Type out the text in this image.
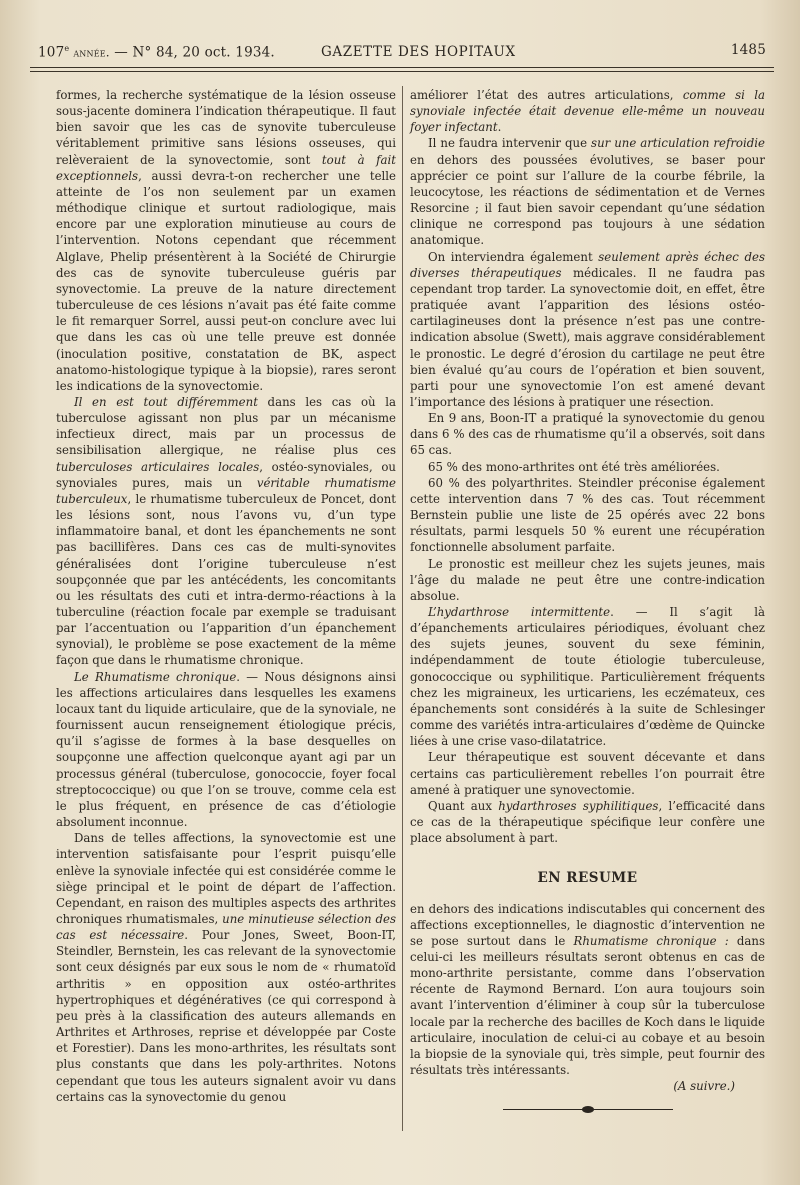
107e année. — N° 84, 20 oct. 1934.	GAZETTE DES HOPITAUX	1485

formes, la recherche systématique de la lésion osseuse sous-jacente dominera l’indication thérapeutique. Il faut bien savoir que les cas de synovite tuberculeuse véritablement primitive sans lésions osseuses, qui relèveraient de la synovectomie, sont tout à fait exceptionnels, aussi devra-t-on rechercher une telle atteinte de l’os non seulement par un examen méthodique clinique et surtout radiologique, mais encore par une exploration minutieuse au cours de l’intervention. Notons cependant que récemment Alglave, Phelip présentèrent à la Société de Chirurgie des cas de synovite tuberculeuse guéris par synovectomie. La preuve de la nature directement tuberculeuse de ces lésions n’avait pas été faite comme le fit remarquer Sorrel, aussi peut-on conclure avec lui que dans les cas où une telle preuve est donnée (inoculation positive, constatation de BK, aspect anatomo-histologique typique à la biopsie), rares seront les indications de la synovectomie.

Il en est tout différemment dans les cas où la tuberculose agissant non plus par un mécanisme infectieux direct, mais par un processus de sensibilisation allergique, ne réalise plus ces tuberculoses articulaires locales, ostéo-synoviales, ou synoviales pures, mais un véritable rhumatisme tuberculeux, le rhumatisme tuberculeux de Poncet, dont les lésions sont, nous l’avons vu, d’un type inflammatoire banal, et dont les épanchements ne sont pas bacillifères. Dans ces cas de multi-synovites généralisées dont l’origine tuberculeuse n’est soupçonnée que par les antécédents, les concomitants ou les résultats des cuti et intra-dermo-réactions à la tuberculine (réaction focale par exemple se traduisant par l’accentuation ou l’apparition d’un épanchement synovial), le problème se pose exactement de la même façon que dans le rhumatisme chronique.

Le Rhumatisme chronique. — Nous désignons ainsi les affections articulaires dans lesquelles les examens locaux tant du liquide articulaire, que de la synoviale, ne fournissent aucun renseignement étiologique précis, qu’il s’agisse de formes à la base desquelles on soupçonne une affection quelconque ayant agi par un processus général (tuberculose, gonococcie, foyer focal streptococcique) ou que l’on se trouve, comme cela est le plus fréquent, en présence de cas d’étiologie absolument inconnue.

Dans de telles affections, la synovectomie est une intervention satisfaisante pour l’esprit puisqu’elle enlève la synoviale infectée qui est considérée comme le siège principal et le point de départ de l’affection. Cependant, en raison des multiples aspects des arthrites chroniques rhumatismales, une minutieuse sélection des cas est nécessaire. Pour Jones, Sweet, Boon-IT, Steindler, Bernstein, les cas relevant de la synovectomie sont ceux désignés par eux sous le nom de « rhumatoïd arthritis » en opposition aux ostéo-arthrites hypertrophiques et dégénératives (ce qui correspond à peu près à la classification des auteurs allemands en Arthrites et Arthroses, reprise et développée par Coste et Forestier). Dans les mono-arthrites, les résultats sont plus constants que dans les poly-arthrites. Notons cependant que tous les auteurs signalent avoir vu dans certains cas la synovectomie du genou

améliorer l’état des autres articulations, comme si la synoviale infectée était devenue elle-même un nouveau foyer infectant.

Il ne faudra intervenir que sur une articulation refroidie en dehors des poussées évolutives, se baser pour apprécier ce point sur l’allure de la courbe fébrile, la leucocytose, les réactions de sédimentation et de Vernes Resorcine ; il faut bien savoir cependant qu’une sédation clinique ne correspond pas toujours à une sédation anatomique.

On interviendra également seulement après échec des diverses thérapeutiques médicales. Il ne faudra pas cependant trop tarder. La synovectomie doit, en effet, être pratiquée avant l’apparition des lésions ostéo-cartilagineuses dont la présence n’est pas une contre-indication absolue (Swett), mais aggrave considérablement le pronostic. Le degré d’érosion du cartilage ne peut être bien évalué qu’au cours de l’opération et bien souvent, parti pour une synovectomie l’on est amené devant l’importance des lésions à pratiquer une résection.

En 9 ans, Boon-IT a pratiqué la synovectomie du genou dans 6 % des cas de rhumatisme qu’il a observés, soit dans 65 cas.

65 % des mono-arthrites ont été très améliorées.

60 % des polyarthrites. Steindler préconise également cette intervention dans 7 % des cas. Tout récemment Bernstein publie une liste de 25 opérés avec 22 bons résultats, parmi lesquels 50 % eurent une récupération fonctionnelle absolument parfaite.

Le pronostic est meilleur chez les sujets jeunes, mais l’âge du malade ne peut être une contre-indication absolue.

L’hydarthrose intermittente. — Il s’agit là d’épanchements articulaires périodiques, évoluant chez des sujets jeunes, souvent du sexe féminin, indépendamment de toute étiologie tuberculeuse, gonococcique ou syphilitique. Particulièrement fréquents chez les migraineux, les urticariens, les eczémateux, ces épanchements sont considérés à la suite de Schlesinger comme des variétés intra-articulaires d’œdème de Quincke liées à une crise vaso-dilatatrice.

Leur thérapeutique est souvent décevante et dans certains cas particulièrement rebelles l’on pourrait être amené à pratiquer une synovectomie.

Quant aux hydarthroses syphilitiques, l’efficacité dans ce cas de la thérapeutique spécifique leur confère une place absolument à part.

EN RESUME

en dehors des indications indiscutables qui concernent des affections exceptionnelles, le diagnostic d’intervention ne se pose surtout dans le Rhumatisme chronique : dans celui-ci les meilleurs résultats seront obtenus en cas de mono-arthrite persistante, comme dans l’observation récente de Raymond Bernard. L’on aura toujours soin avant l’intervention d’éliminer à coup sûr la tuberculose locale par la recherche des bacilles de Koch dans le liquide articulaire, inoculation de celui-ci au cobaye et au besoin la biopsie de la synoviale qui, très simple, peut fournir des résultats très intéressants.

(A suivre.)
